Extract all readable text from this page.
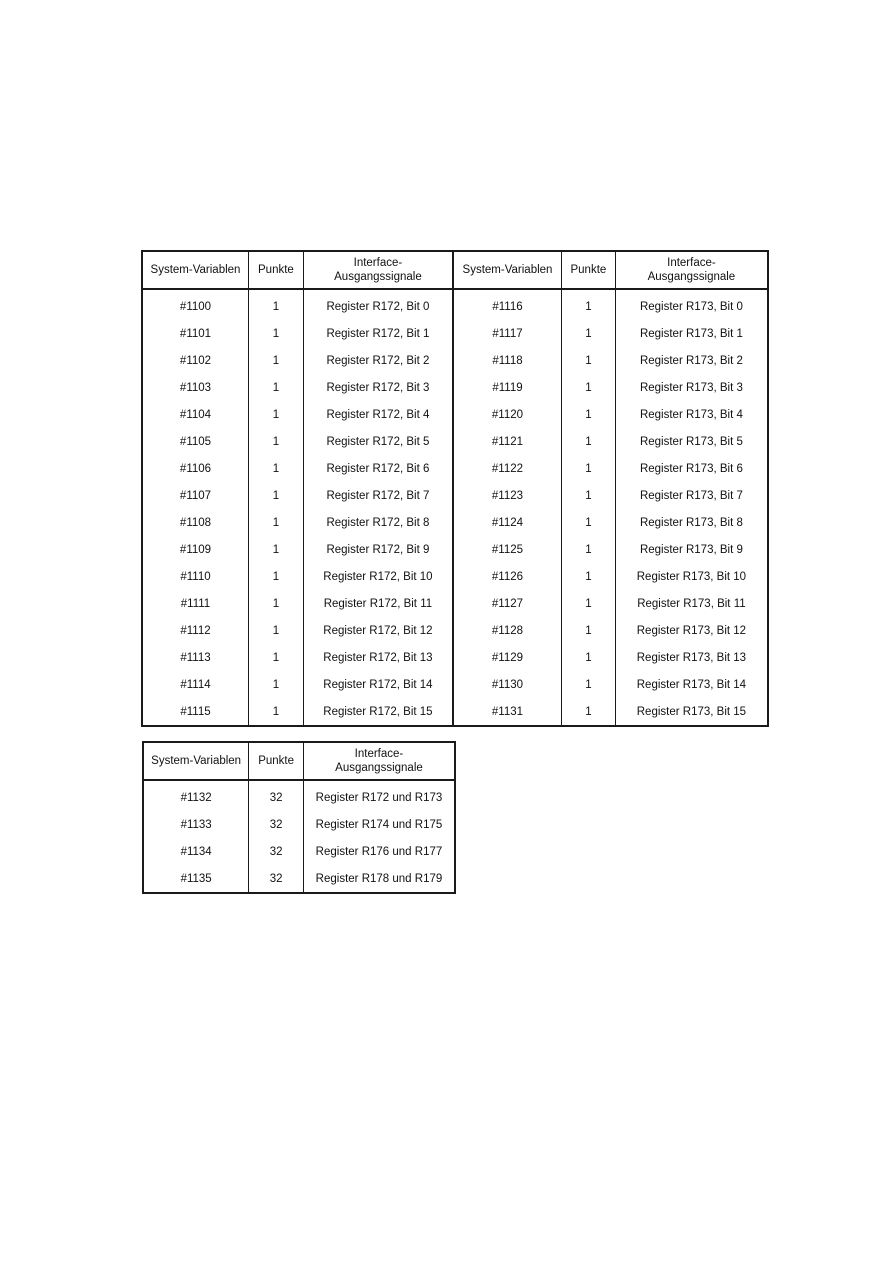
System-Variablen	Punkte	Interface-
Ausgangssignale	System-Variablen	Punkte	Interface-
Ausgangssignale

#1100	1	Register R172, Bit 0	#1116	1	Register R173, Bit 0
#1101	1	Register R172, Bit 1	#1117	1	Register R173, Bit 1
#1102	1	Register R172, Bit 2	#1118	1	Register R173, Bit 2
#1103	1	Register R172, Bit 3	#1119	1	Register R173, Bit 3
#1104	1	Register R172, Bit 4	#1120	1	Register R173, Bit 4
#1105	1	Register R172, Bit 5	#1121	1	Register R173, Bit 5
#1106	1	Register R172, Bit 6	#1122	1	Register R173, Bit 6
#1107	1	Register R172, Bit 7	#1123	1	Register R173, Bit 7
#1108	1	Register R172, Bit 8	#1124	1	Register R173, Bit 8
#1109	1	Register R172, Bit 9	#1125	1	Register R173, Bit 9
#1110	1	Register R172, Bit 10	#1126	1	Register R173, Bit 10
#1111	1	Register R172, Bit 11	#1127	1	Register R173, Bit 11
#1112	1	Register R172, Bit 12	#1128	1	Register R173, Bit 12
#1113	1	Register R172, Bit 13	#1129	1	Register R173, Bit 13
#1114	1	Register R172, Bit 14	#1130	1	Register R173, Bit 14
#1115	1	Register R172, Bit 15	#1131	1	Register R173, Bit 15
System-Variablen	Punkte	Interface-
Ausgangssignale

#1132	32	Register R172 und R173
#1133	32	Register R174 und R175
#1134	32	Register R176 und R177
#1135	32	Register R178 und R179
